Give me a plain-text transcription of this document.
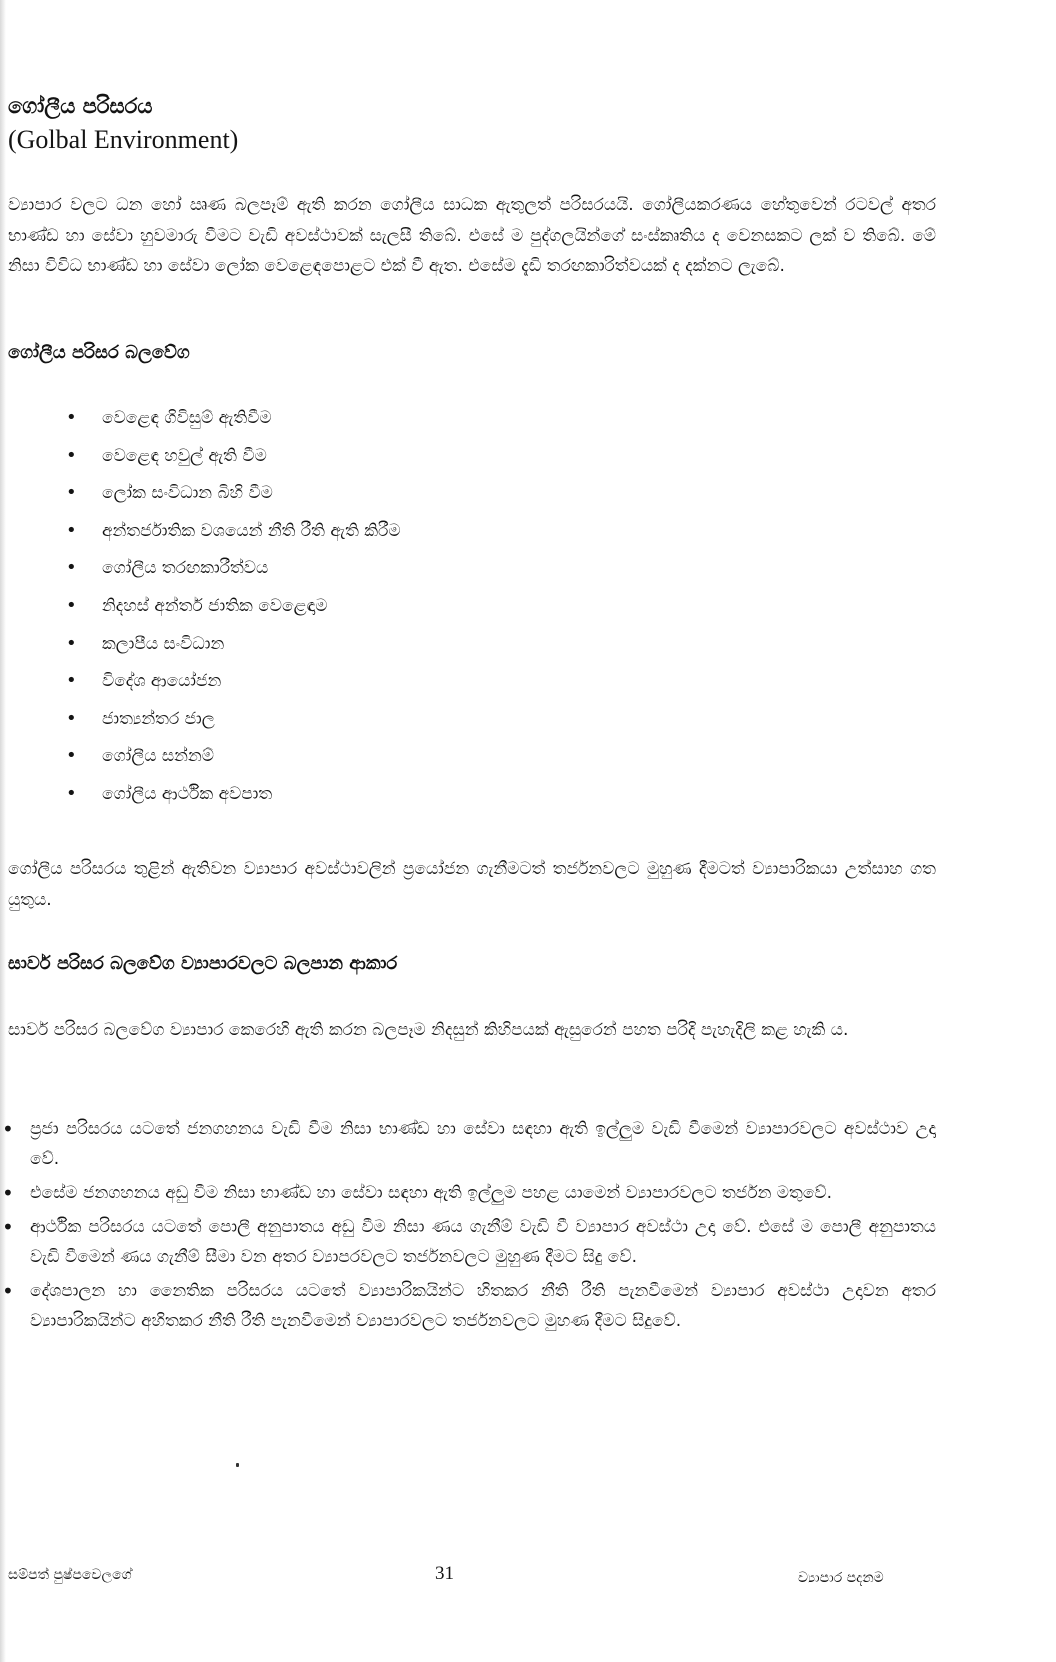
ගෝලීය පරිසරය
(Golbal Environment)

ව්‍යාපාර වලට ධන හෝ ඍණ බලපෑම් ඇති කරන ගෝලීය සාධක ඇතුලත් පරිසරයයි. ගෝලීයකරණය හේතුවෙන් රටවල් අතර භාණ්ඩ හා සේවා හුවමාරු වීමට වැඩි අවස්ථාවක් සැලසී තිබේ. එසේ ම පුද්ගලයින්ගේ සංස්කෘතිය ද වෙනසකට ලක් ව තිබේ. මේ නිසා විවිධ භාණ්ඩ හා සේවා ලෝක වෙළෙඳපොළට එක් වී ඇත. එසේම දැඩි තරඟකාරිත්වයක් ද දක්නට ලැබේ.

ගෝලීය පරිසර බලවේග
• වෙළෙඳ ගිවිසුම් ඇතිවීම
• වෙළෙඳ හවුල් ඇති වීම
• ලෝක සංවිධාන බිහි වීම
• අන්තර්ජාතික වශයෙන් නීති රීති ඇති කිරීම
• ගෝලීය තරඟකාරීත්වය
• නිදහස් අන්තර් ජාතික වෙළෙඳාම
• කලාපීය සංවිධාන
• විදේශ ආයෝජන
• ජාත්‍යන්තර ජාල
• ගෝලීය සන්නම්
• ගෝලීය ආර්ථික අවපාත

ගෝලීය පරිසරය තුළින් ඇතිවන ව්‍යාපාර අවස්ථාවලින් ප්‍රයෝජන ගැනීමටත් තර්ජනවලට මුහුණ දීමටත් ව්‍යාපාරිකයා උත්සාහ ගත යුතුය.

සාර්ව පරිසර බලවේග ව්‍යාපාරවලට බලපාන ආකාර

සාර්ව පරිසර බලවේග ව්‍යාපාර කෙරෙහි ඇති කරන බලපෑම නිදසුන් කිහිපයක් ඇසුරෙන් පහත පරිදි පැහැදිලි කළ හැකි ය.

• ප්‍රජා පරිසරය යටතේ ජනගහනය වැඩි වීම නිසා භාණ්ඩ හා සේවා සඳහා ඇති ඉල්ලුම වැඩි වීමෙන් ව්‍යාපාරවලට අවස්ථාව උදා වේ.
• එසේම ජනගහනය අඩු වීම නිසා භාණ්ඩ හා සේවා සඳහා ඇති ඉල්ලුම පහළ යාමෙන් ව්‍යාපාරවලට තර්ජන මතුවේ.
• ආර්ථික පරිසරය යටතේ පොලී අනුපාතය අඩු වීම නිසා ණය ගැනීම් වැඩි වී ව්‍යාපාර අවස්ථා උදා වේ. එසේ ම පොලී අනුපාතය වැඩි වීමෙන් ණය ගැනීම් සීමා වන අතර ව්‍යාපරවලට තර්ජනවලට මුහුණ දීමට සිදු වේ.
• දේශපාලන හා නෛතික පරිසරය යටතේ ව්‍යාපාරිකයින්ට හිතකර නීති රීති පැනවීමෙන් ව්‍යාපාර අවස්ථා උදාවන අතර ව්‍යාපාරිකයින්ට අහිතකර නීති රීති පැනවීමෙන් ව්‍යාපාරවලට තර්ජනවලට මුහණ දීමට සිදුවේ.
සම්පත් පුෂ්පවෙලගේ	31	ව්‍යාපාර පදනම
